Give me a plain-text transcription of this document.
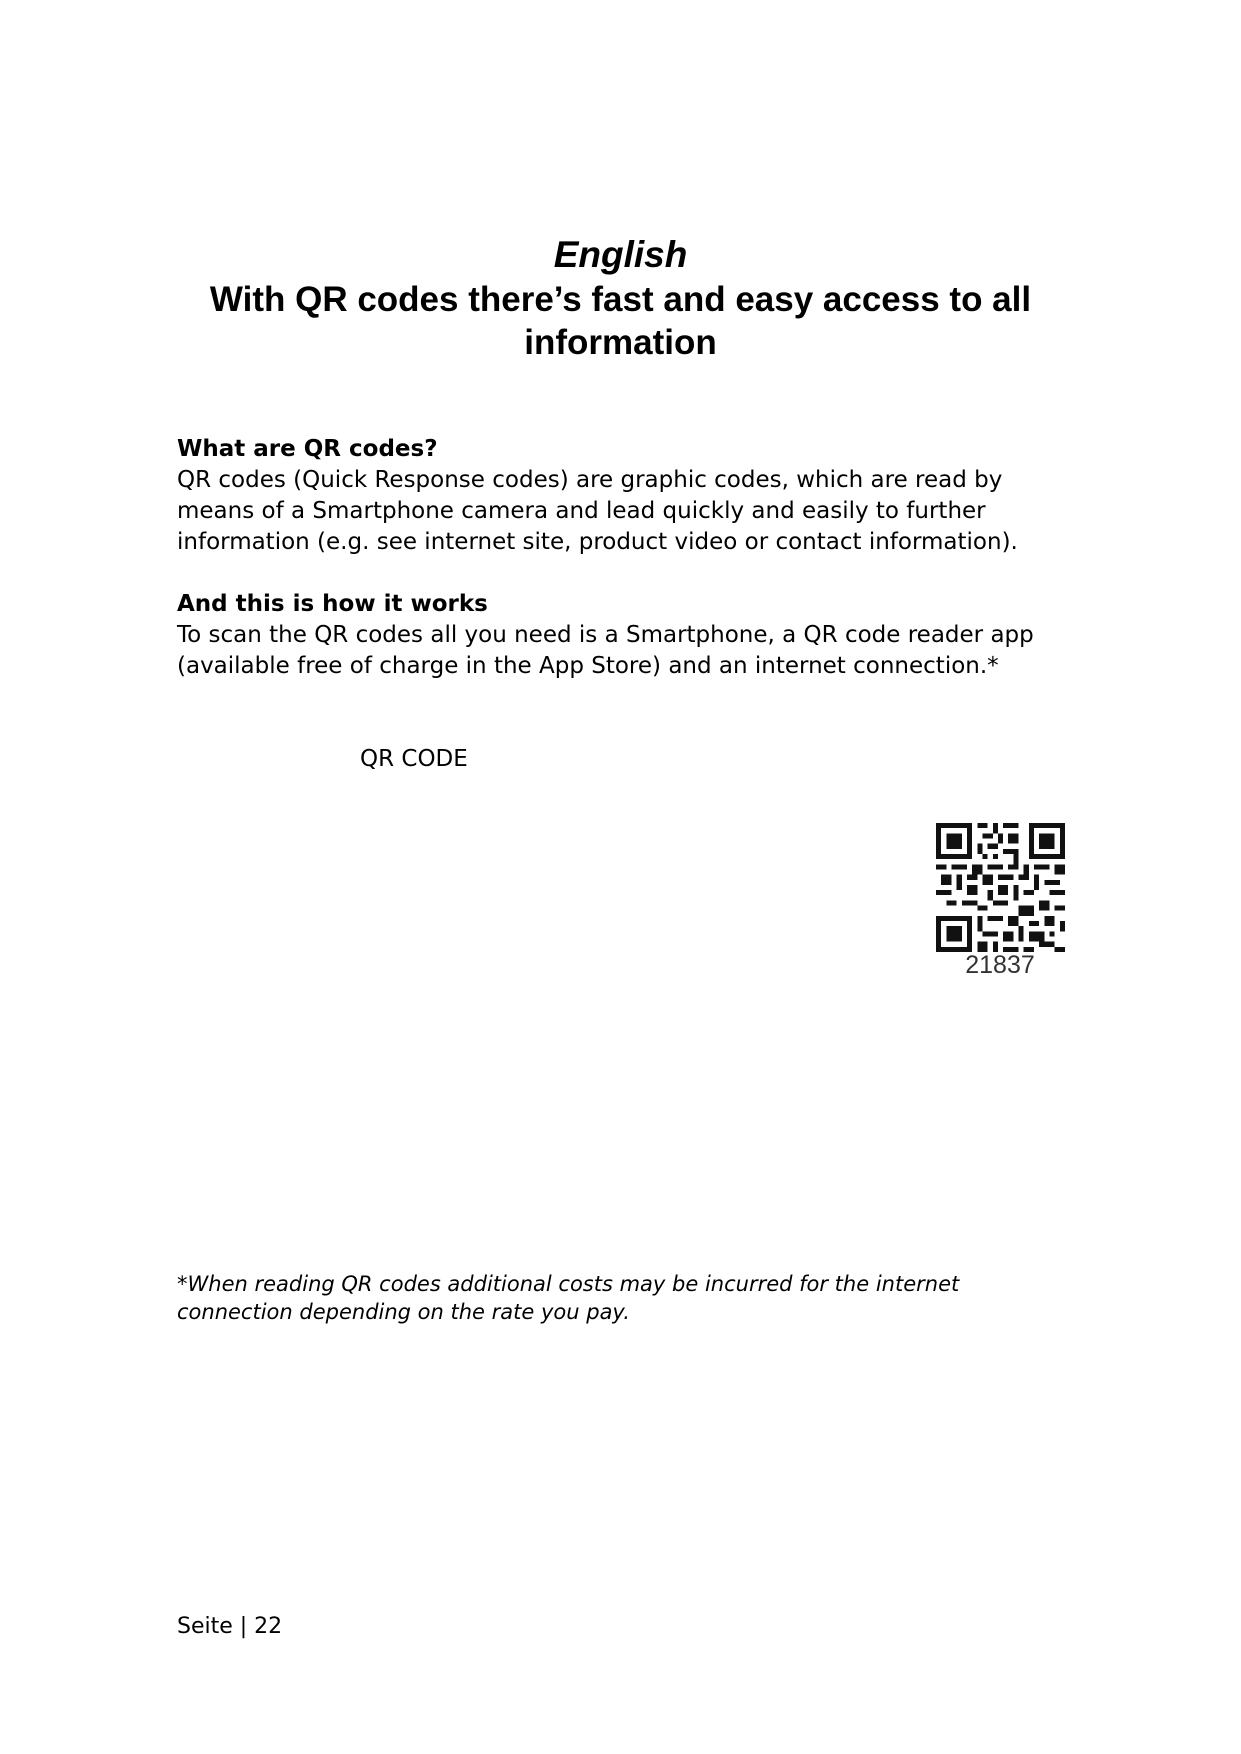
English
With QR codes there’s fast and easy access to all
information
What are QR codes?

QR codes (Quick Response codes) are graphic codes, which are read by

means of a Smartphone camera and lead quickly and easily to further

information (e.g. see internet site, product video or contact information).

And this is how it works

To scan the QR codes all you need is a Smartphone, a QR code reader app

(available free of charge in the App Store) and an internet connection.*

QR CODE
21837
*When reading QR codes additional costs may be incurred for the internet
connection depending on the rate you pay.
Seite | 22
